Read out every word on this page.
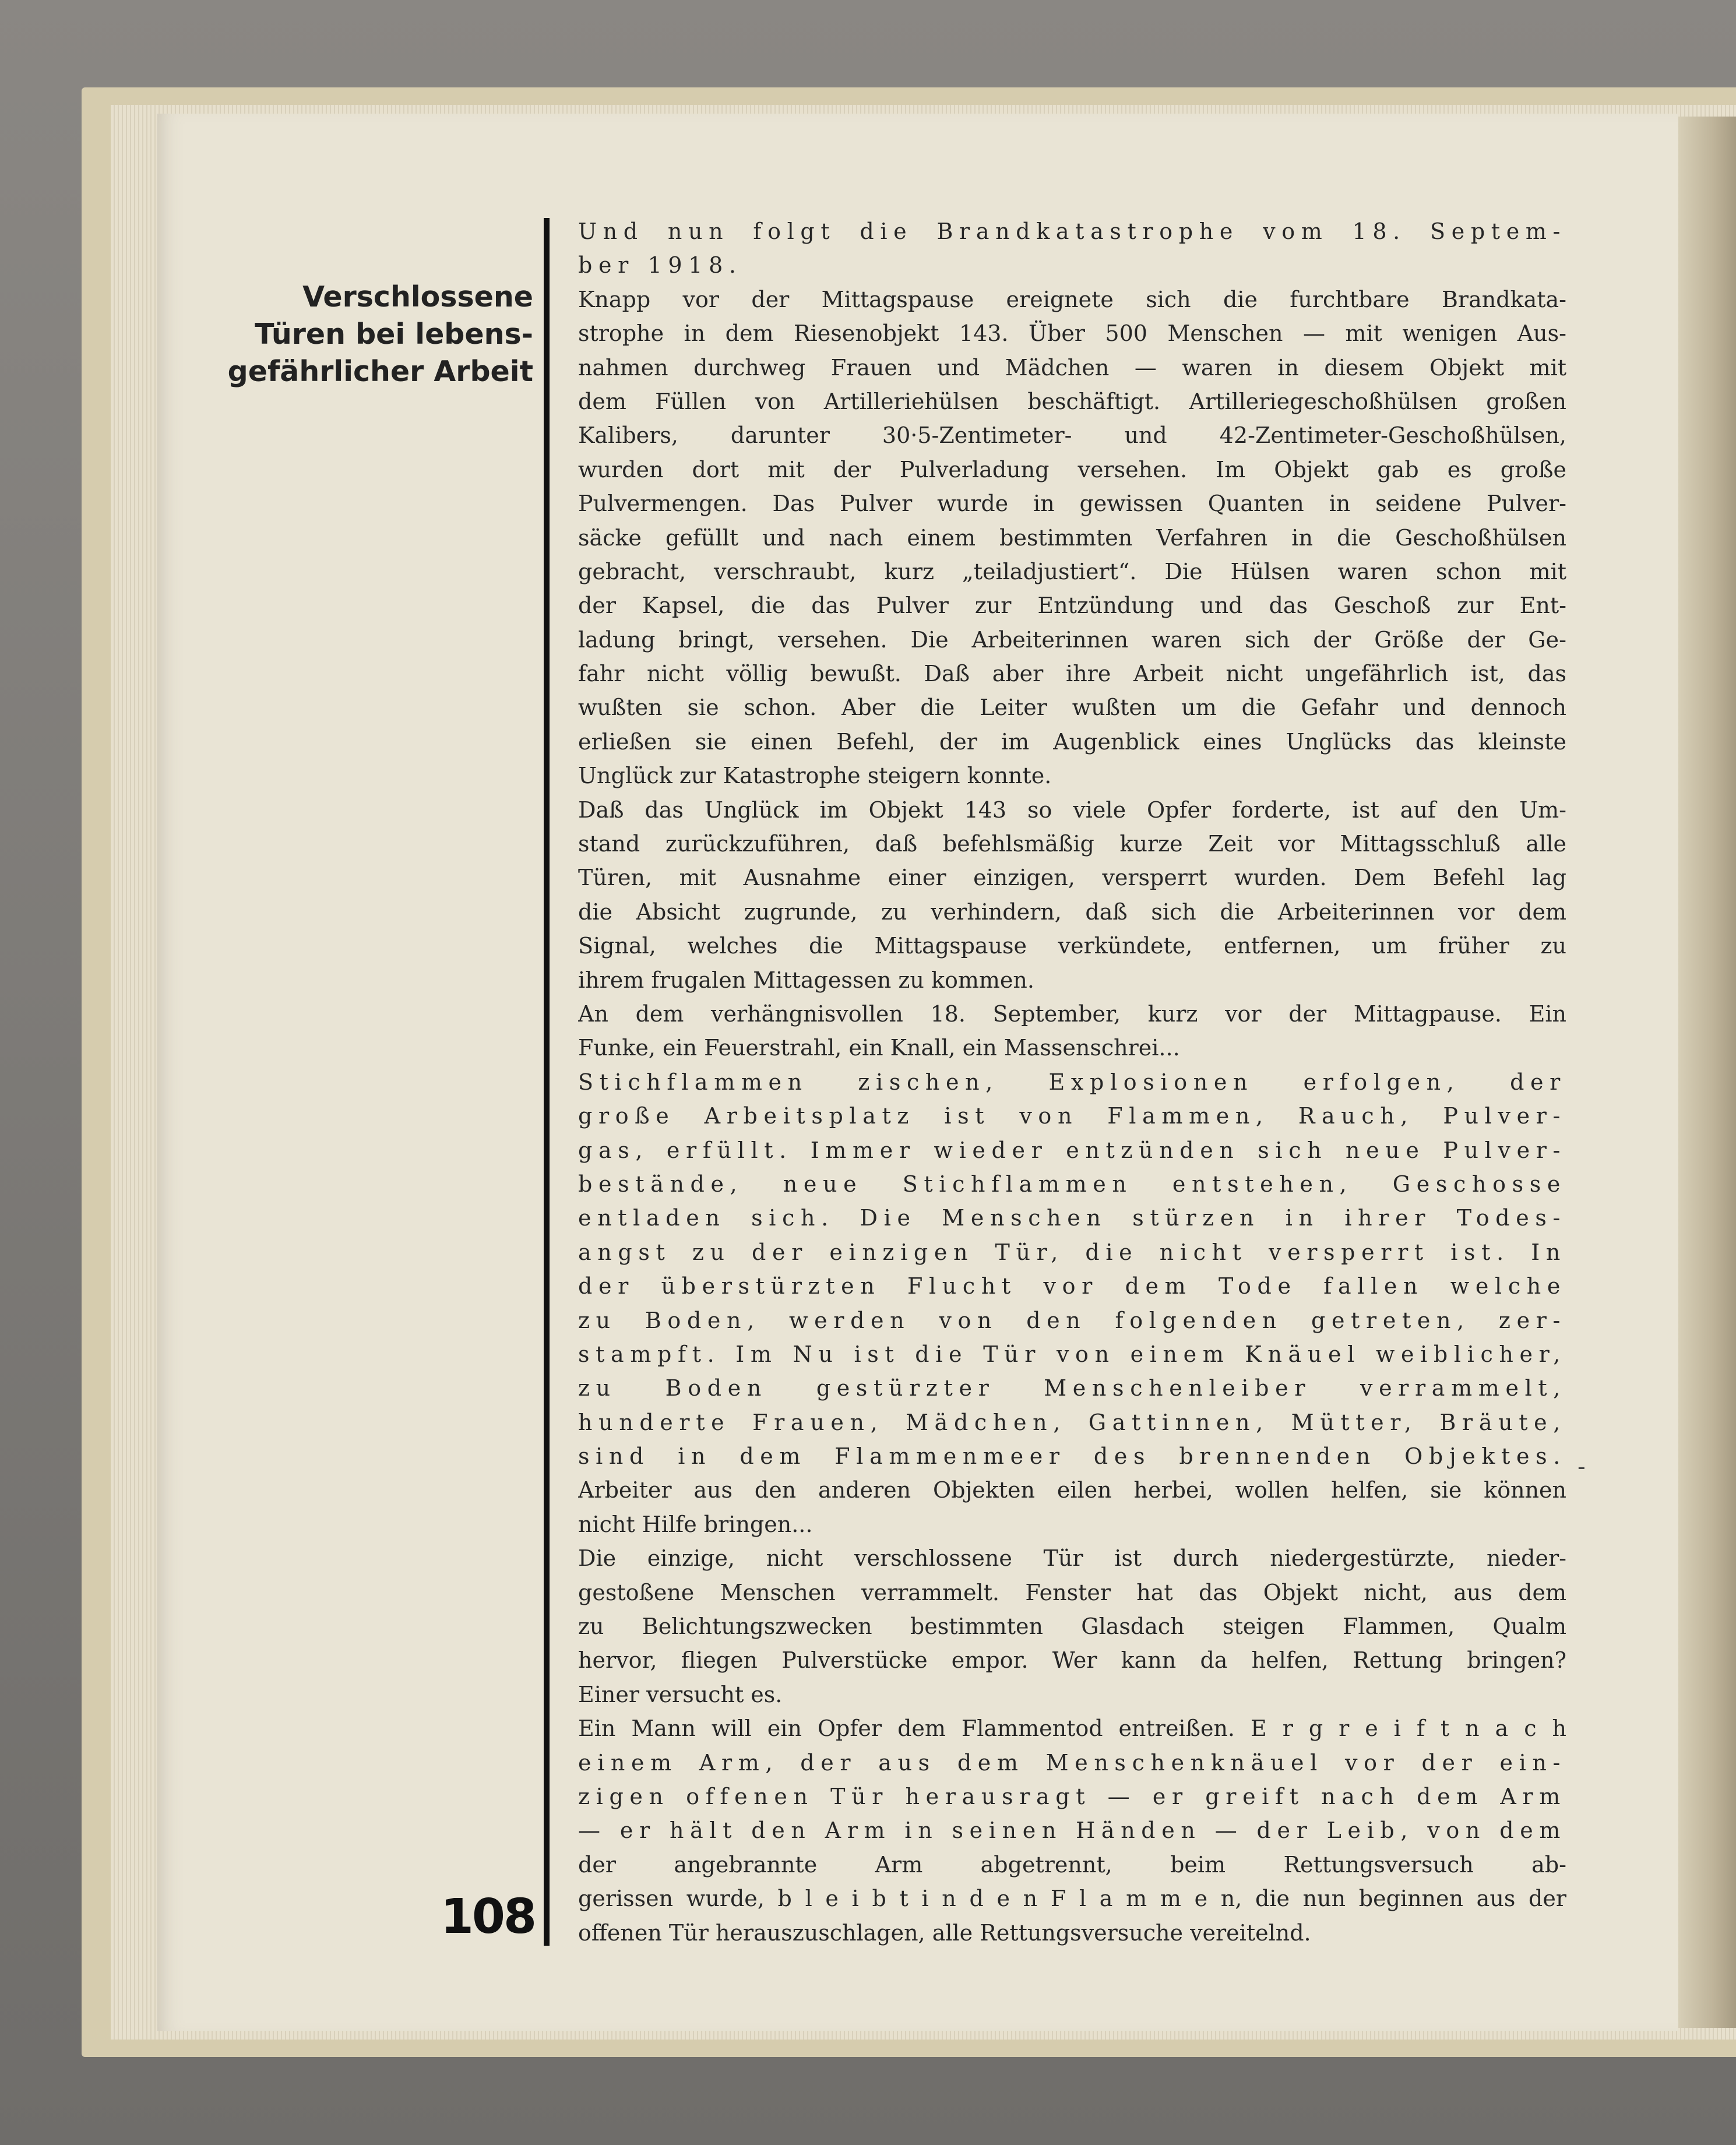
Verschlossene
Türen bei lebens-
gefährlicher Arbeit
Und nun folgt die Brandkatastrophe vom 18. Septem-
ber 1918.
Knapp vor der Mittagspause ereignete sich die furchtbare Brandkata-
strophe in dem Riesenobjekt 143. Über 500 Menschen — mit wenigen Aus-
nahmen durchweg Frauen und Mädchen — waren in diesem Objekt mit
dem Füllen von Artilleriehülsen beschäftigt. Artilleriegeschoßhülsen großen
Kalibers, darunter 30·5-Zentimeter- und 42-Zentimeter-Geschoßhülsen,
wurden dort mit der Pulverladung versehen. Im Objekt gab es große
Pulvermengen. Das Pulver wurde in gewissen Quanten in seidene Pulver-
säcke gefüllt und nach einem bestimmten Verfahren in die Geschoßhülsen
gebracht, verschraubt, kurz „teiladjustiert“. Die Hülsen waren schon mit
der Kapsel, die das Pulver zur Entzündung und das Geschoß zur Ent-
ladung bringt, versehen. Die Arbeiterinnen waren sich der Größe der Ge-
fahr nicht völlig bewußt. Daß aber ihre Arbeit nicht ungefährlich ist, das
wußten sie schon. Aber die Leiter wußten um die Gefahr und dennoch
erließen sie einen Befehl, der im Augenblick eines Unglücks das kleinste
Unglück zur Katastrophe steigern konnte.
Daß das Unglück im Objekt 143 so viele Opfer forderte, ist auf den Um-
stand zurückzuführen, daß befehlsmäßig kurze Zeit vor Mittagsschluß alle
Türen, mit Ausnahme einer einzigen, versperrt wurden. Dem Befehl lag
die Absicht zugrunde, zu verhindern, daß sich die Arbeiterinnen vor dem
Signal, welches die Mittagspause verkündete, entfernen, um früher zu
ihrem frugalen Mittagessen zu kommen.
An dem verhängnisvollen 18. September, kurz vor der Mittagpause. Ein
Funke, ein Feuerstrahl, ein Knall, ein Massenschrei...
Stichflammen zischen, Explosionen erfolgen, der
große Arbeitsplatz ist von Flammen, Rauch, Pulver-
gas, erfüllt. Immer wieder entzünden sich neue Pulver-
bestände, neue Stichflammen entstehen, Geschosse
entladen sich. Die Menschen stürzen in ihrer Todes-
angst zu der einzigen Tür, die nicht versperrt ist. In
der überstürzten Flucht vor dem Tode fallen welche
zu Boden, werden von den folgenden getreten, zer-
stampft. Im Nu ist die Tür von einem Knäuel weiblicher,
zu Boden gestürzter Menschenleiber verrammelt,
hunderte Frauen, Mädchen, Gattinnen, Mütter, Bräute,
sind in dem Flammenmeer des brennenden Objektes.
Arbeiter aus den anderen Objekten eilen herbei, wollen helfen, sie können
nicht Hilfe bringen...
Die einzige, nicht verschlossene Tür ist durch niedergestürzte, nieder-
gestoßene Menschen verrammelt. Fenster hat das Objekt nicht, aus dem
zu Belichtungszwecken bestimmten Glasdach steigen Flammen, Qualm
hervor, fliegen Pulverstücke empor. Wer kann da helfen, Rettung bringen?
Einer versucht es.
Ein Mann will ein Opfer dem Flammentod entreißen. E r g r e i f t n a c h
einem Arm, der aus dem Menschenknäuel vor der ein-
zigen offenen Tür herausragt — er greift nach dem Arm
— er hält den Arm in seinen Händen — der Leib, von dem
der angebrannte Arm abgetrennt, beim Rettungsversuch ab-
gerissen wurde, b l e i b t i n d e n F l a m m e n, die nun beginnen aus der
offenen Tür herauszuschlagen, alle Rettungsversuche vereitelnd.
-
108
